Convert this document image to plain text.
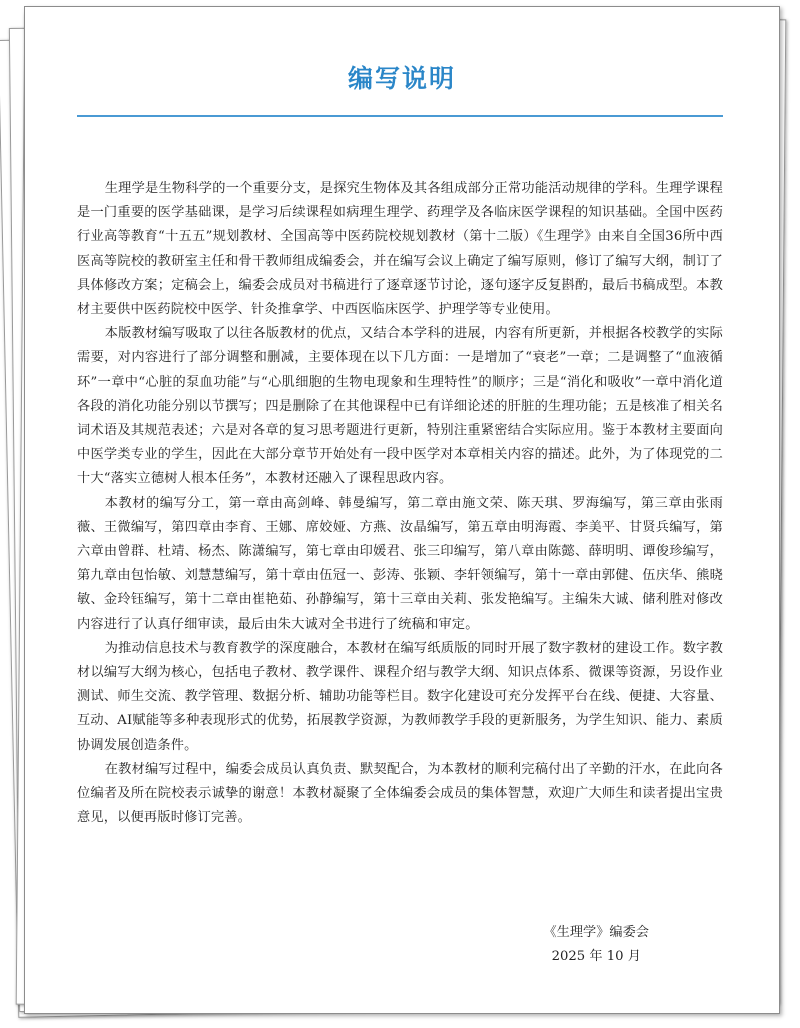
编写说明

生理学是生物科学的一个重要分支，是探究生物体及其各组成部分正常功能活动规律的学科。生理学课程是一门重要的医学基础课，是学习后续课程如病理生理学、药理学及各临床医学课程的知识基础。全国中医药行业高等教育“十五五”规划教材、全国高等中医药院校规划教材（第十二版）《生理学》由来自全国36所中西医高等院校的教研室主任和骨干教师组成编委会，并在编写会议上确定了编写原则，修订了编写大纲，制订了具体修改方案；定稿会上，编委会成员对书稿进行了逐章逐节讨论，逐句逐字反复斟酌，最后书稿成型。本教材主要供中医药院校中医学、针灸推拿学、中西医临床医学、护理学等专业使用。

本版教材编写吸取了以往各版教材的优点，又结合本学科的进展，内容有所更新，并根据各校教学的实际需要，对内容进行了部分调整和删减，主要体现在以下几方面：一是增加了“衰老”一章；二是调整了“血液循环”一章中“心脏的泵血功能”与“心肌细胞的生物电现象和生理特性”的顺序；三是“消化和吸收”一章中消化道各段的消化功能分别以节撰写；四是删除了在其他课程中已有详细论述的肝脏的生理功能；五是核准了相关名词术语及其规范表述；六是对各章的复习思考题进行更新，特别注重紧密结合实际应用。鉴于本教材主要面向中医学类专业的学生，因此在大部分章节开始处有一段中医学对本章相关内容的描述。此外，为了体现党的二十大“落实立德树人根本任务”，本教材还融入了课程思政内容。

本教材的编写分工，第一章由高剑峰、韩曼编写，第二章由施文荣、陈天琪、罗海编写，第三章由张雨薇、王微编写，第四章由李育、王娜、席姣娅、方燕、汝晶编写，第五章由明海霞、李美平、甘贤兵编写，第六章由曾群、杜靖、杨杰、陈潇编写，第七章由印媛君、张三印编写，第八章由陈懿、薛明明、谭俊珍编写，第九章由包怡敏、刘慧慧编写，第十章由伍冠一、彭涛、张颖、李轩领编写，第十一章由郭健、伍庆华、熊晓敏、金玲钰编写，第十二章由崔艳茹、孙静编写，第十三章由关莉、张发艳编写。主编朱大诚、储利胜对修改内容进行了认真仔细审读，最后由朱大诚对全书进行了统稿和审定。

为推动信息技术与教育教学的深度融合，本教材在编写纸质版的同时开展了数字教材的建设工作。数字教材以编写大纲为核心，包括电子教材、教学课件、课程介绍与教学大纲、知识点体系、微课等资源，另设作业测试、师生交流、教学管理、数据分析、辅助功能等栏目。数字化建设可充分发挥平台在线、便捷、大容量、互动、AI赋能等多种表现形式的优势，拓展教学资源，为教师教学手段的更新服务，为学生知识、能力、素质协调发展创造条件。

在教材编写过程中，编委会成员认真负责、默契配合，为本教材的顺利完稿付出了辛勤的汗水，在此向各位编者及所在院校表示诚挚的谢意！本教材凝聚了全体编委会成员的集体智慧，欢迎广大师生和读者提出宝贵意见，以便再版时修订完善。

《生理学》编委会
2025 年 10 月
